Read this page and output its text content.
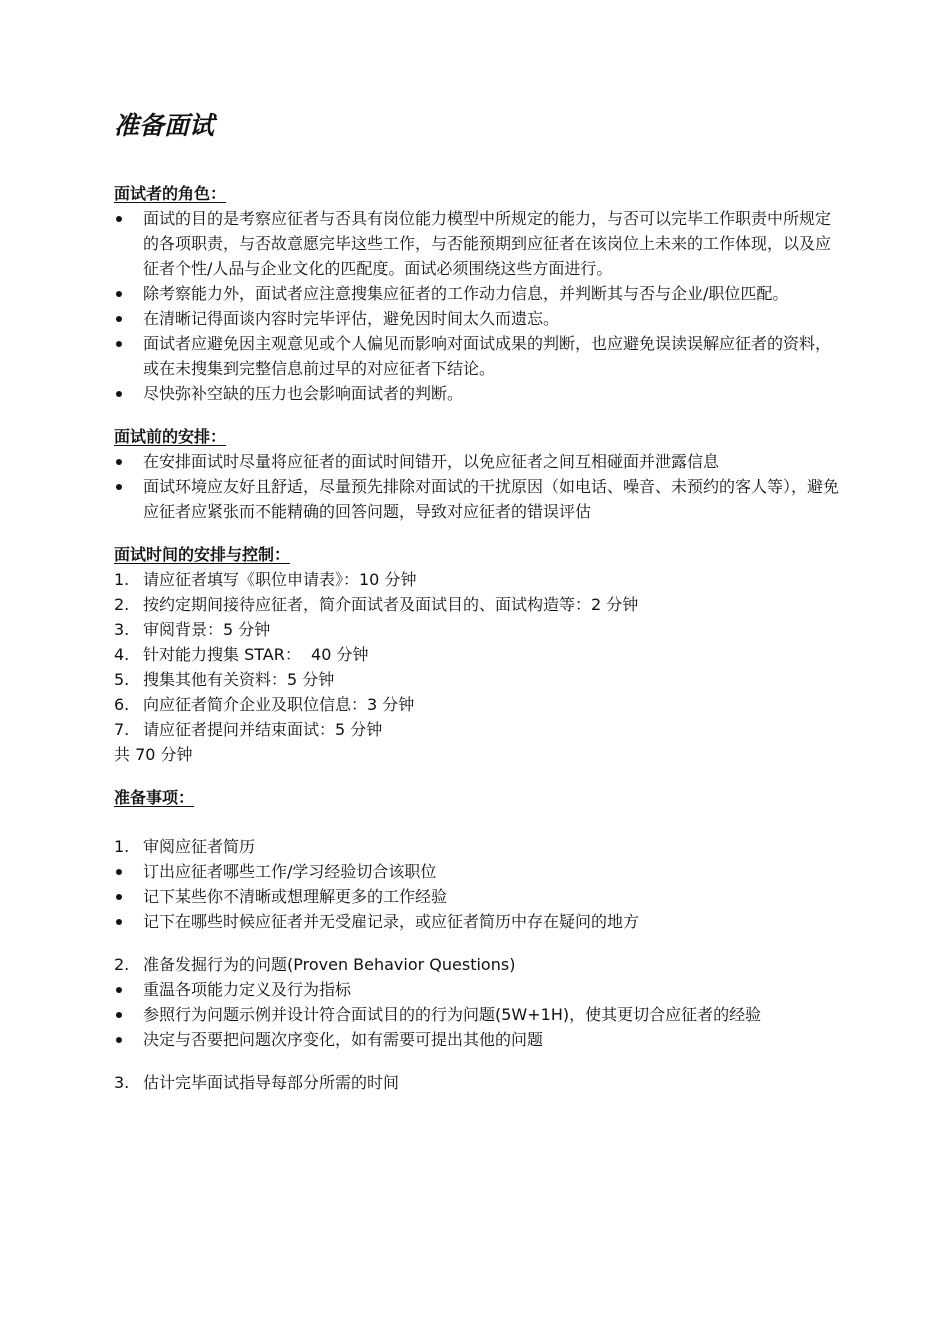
准备面试
面试者的角色：
面试的目的是考察应征者与否具有岗位能力模型中所规定的能力，与否可以完毕工作职责中所规定的各项职责，与否故意愿完毕这些工作，与否能预期到应征者在该岗位上未来的工作体现，以及应征者个性/人品与企业文化的匹配度。面试必须围绕这些方面进行。
除考察能力外，面试者应注意搜集应征者的工作动力信息，并判断其与否与企业/职位匹配。
在清晰记得面谈内容时完毕评估，避免因时间太久而遗忘。
面试者应避免因主观意见或个人偏见而影响对面试成果的判断，也应避免误读误解应征者的资料，或在未搜集到完整信息前过早的对应征者下结论。
尽快弥补空缺的压力也会影响面试者的判断。
面试前的安排：
在安排面试时尽量将应征者的面试时间错开，以免应征者之间互相碰面并泄露信息
面试环境应友好且舒适，尽量预先排除对面试的干扰原因（如电话、噪音、未预约的客人等），避免应征者应紧张而不能精确的回答问题，导致对应征者的错误评估
面试时间的安排与控制：
1. 请应征者填写《职位申请表》：10 分钟
2. 按约定期间接待应征者，简介面试者及面试目的、面试构造等：2 分钟
3. 审阅背景：5 分钟
4. 针对能力搜集 STAR：  40 分钟
5. 搜集其他有关资料：5 分钟
6. 向应征者简介企业及职位信息：3 分钟
7. 请应征者提问并结束面试：5 分钟
共 70 分钟
准备事项：
1. 审阅应征者简历
订出应征者哪些工作/学习经验切合该职位
记下某些你不清晰或想理解更多的工作经验
记下在哪些时候应征者并无受雇记录，或应征者简历中存在疑问的地方
2. 准备发掘行为的问题(Proven Behavior Questions)
重温各项能力定义及行为指标
参照行为问题示例并设计符合面试目的的行为问题(5W+1H)，使其更切合应征者的经验
决定与否要把问题次序变化，如有需要可提出其他的问题
3. 估计完毕面试指导每部分所需的时间
